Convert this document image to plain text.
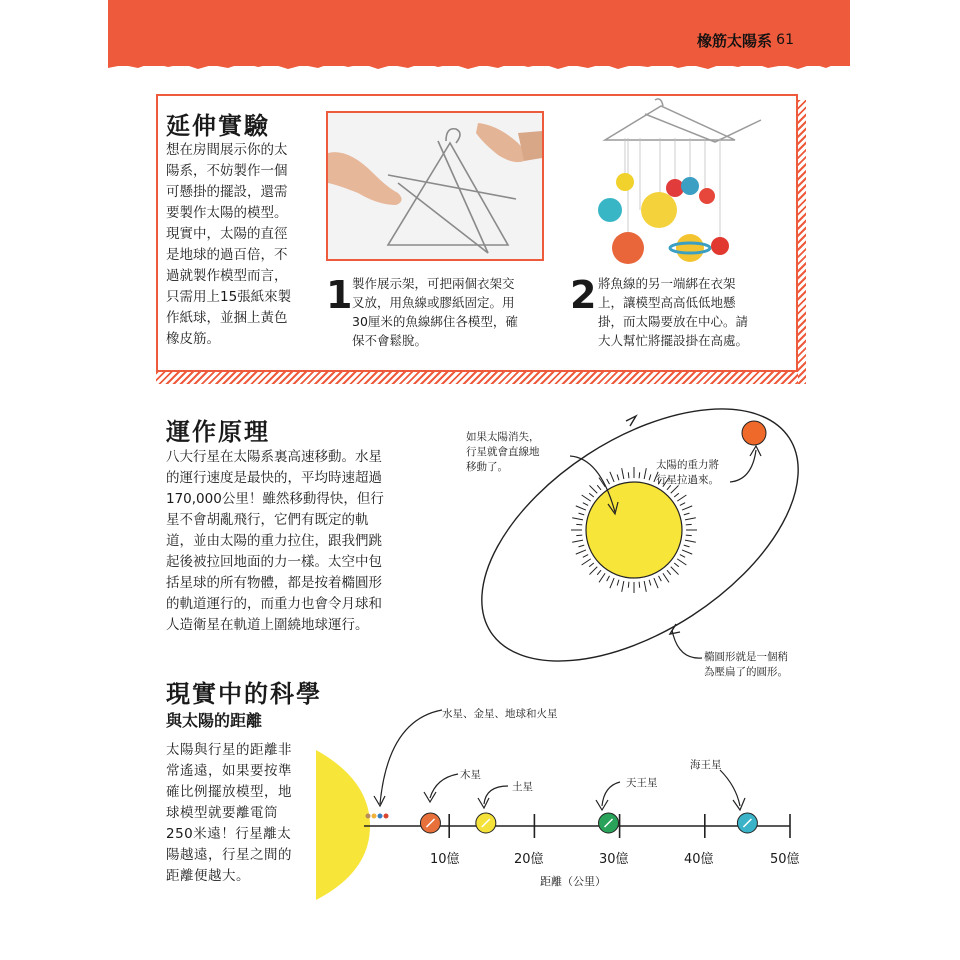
橡筋太陽系 61
延伸實驗
想在房間展示你的太
陽系，不妨製作一個
可懸掛的擺設，還需
要製作太陽的模型。
現實中，太陽的直徑
是地球的過百倍，不
過就製作模型而言，
只需用上15張紙來製
作紙球，並捆上黃色
橡皮筋。
1 製作展示架，可把兩個衣架交
叉放，用魚線或膠紙固定。用
30厘米的魚線綁住各模型，確
保不會鬆脫。
2 將魚線的另一端綁在衣架
上，讓模型高高低低地懸
掛，而太陽要放在中心。請
大人幫忙將擺設掛在高處。
運作原理
八大行星在太陽系裏高速移動。水星
的運行速度是最快的，平均時速超過
170,000公里！雖然移動得快，但行
星不會胡亂飛行，它們有既定的軌
道，並由太陽的重力拉住，跟我們跳
起後被拉回地面的力一樣。太空中包
括星球的所有物體，都是按着橢圓形
的軌道運行的，而重力也會令月球和
人造衛星在軌道上圍繞地球運行。
如果太陽消失，
行星就會直線地
移動了。	太陽的重力將
行星拉過來。
橢圓形就是一個稍
為壓扁了的圓形。
現實中的科學
與太陽的距離
太陽與行星的距離非
常遙遠，如果要按準
確比例擺放模型，地
球模型就要離電筒
250米遠！行星離太
陽越遠，行星之間的
距離便越大。
水星、金星、地球和火星
木星
土星	天王星
海王星
10億	20億	30億	40億	50億
距離（公里）
